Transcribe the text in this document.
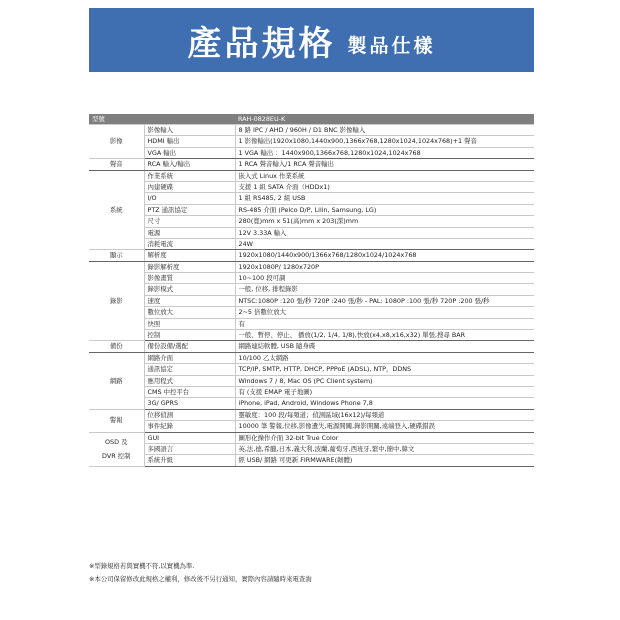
產品規格 製品仕樣
型號		RAH-0828EU-K
影像	影像輸入	8 路 IPC / AHD / 960H / D1 BNC 影像輸入
	HDMI 輸出	1 影像輸出(1920x1080,1440x900,1366x768,1280x1024,1024x768)+1 聲音
	VGA 輸出	1 VGA 輸出 ：1440x900,1366x768,1280x1024,1024x768
聲音	RCA 輸入/輸出	1 RCA 聲音輸入/1 RCA 聲音輸出
系統	作業系統	嵌入式 Linux 作業系統
	內建硬碟	支援 1 組 SATA 介面（HDDx1)
	I/O	1 組 RS485, 2 組 USB
	PTZ 通訊協定	RS-485 介面 (Pelco D/P, Lilin, Samsung, LG)
	尺寸	280(寬)mm x 51(高)mm x 203(深)mm
	電源	12V 3.33A 輸入
	消耗電流	24W
顯示	解析度	1920x1080/1440x900/1366x768/1280x1024/1024x768
錄影	錄影解析度	1920x1080P/ 1280x720P
	影像畫質	10~100 段可調
	錄影模式	一般, 位移, 排程錄影
	速度	NTSC:1080P :120 張/秒 720P :240 張/秒 - PAL: 1080P :100 張/秒 720P :200 張/秒
	數位放大	2~5 倍數位放大
	快照	有
	控制	一般、暫停、停止、 播放(1/2, 1/4, 1/8),快放(x4,x8,x16,x32) 單張,搜尋 BAR
備份	備份設備/選配	網路連結軟體, USB 隨身碟
網路	網路介面	10/100 乙太網路
	通訊協定	TCP/IP, SMTP, HTTP, DHCP, PPPoE (ADSL), NTP，DDNS
	應用程式	Windows 7 / 8, Mac OS (PC Client system)
	CMS 中控平台	有 (支援 EMAP 電子地圖)
	3G/ GPRS	iPhone, iPad, Android, Windows Phone 7,8
警報	位移偵測	靈敏度：100 段/每頻道；偵測區域(16x12)/每頻道
	事件紀錄	10000 筆 警報,位移,影像遺失,電源開關,錄影開關,遠端登入,硬碟錯誤
OSD 及
DVR 控制	GUI	圖形化操作介面 32-bit True Color
	多國語言	英,法,德,希臘,日本,義大利,波蘭,葡萄牙,西班牙,繁中,簡中,韓文
	系統升級	經 USB/ 網路 可更新 FIRMWARE(韌體)
※型錄規格若與實機不符,以實機為準.
※本公司保留修改此規格之權利，修改後不另行通知，實際內容請隨時來電查詢
